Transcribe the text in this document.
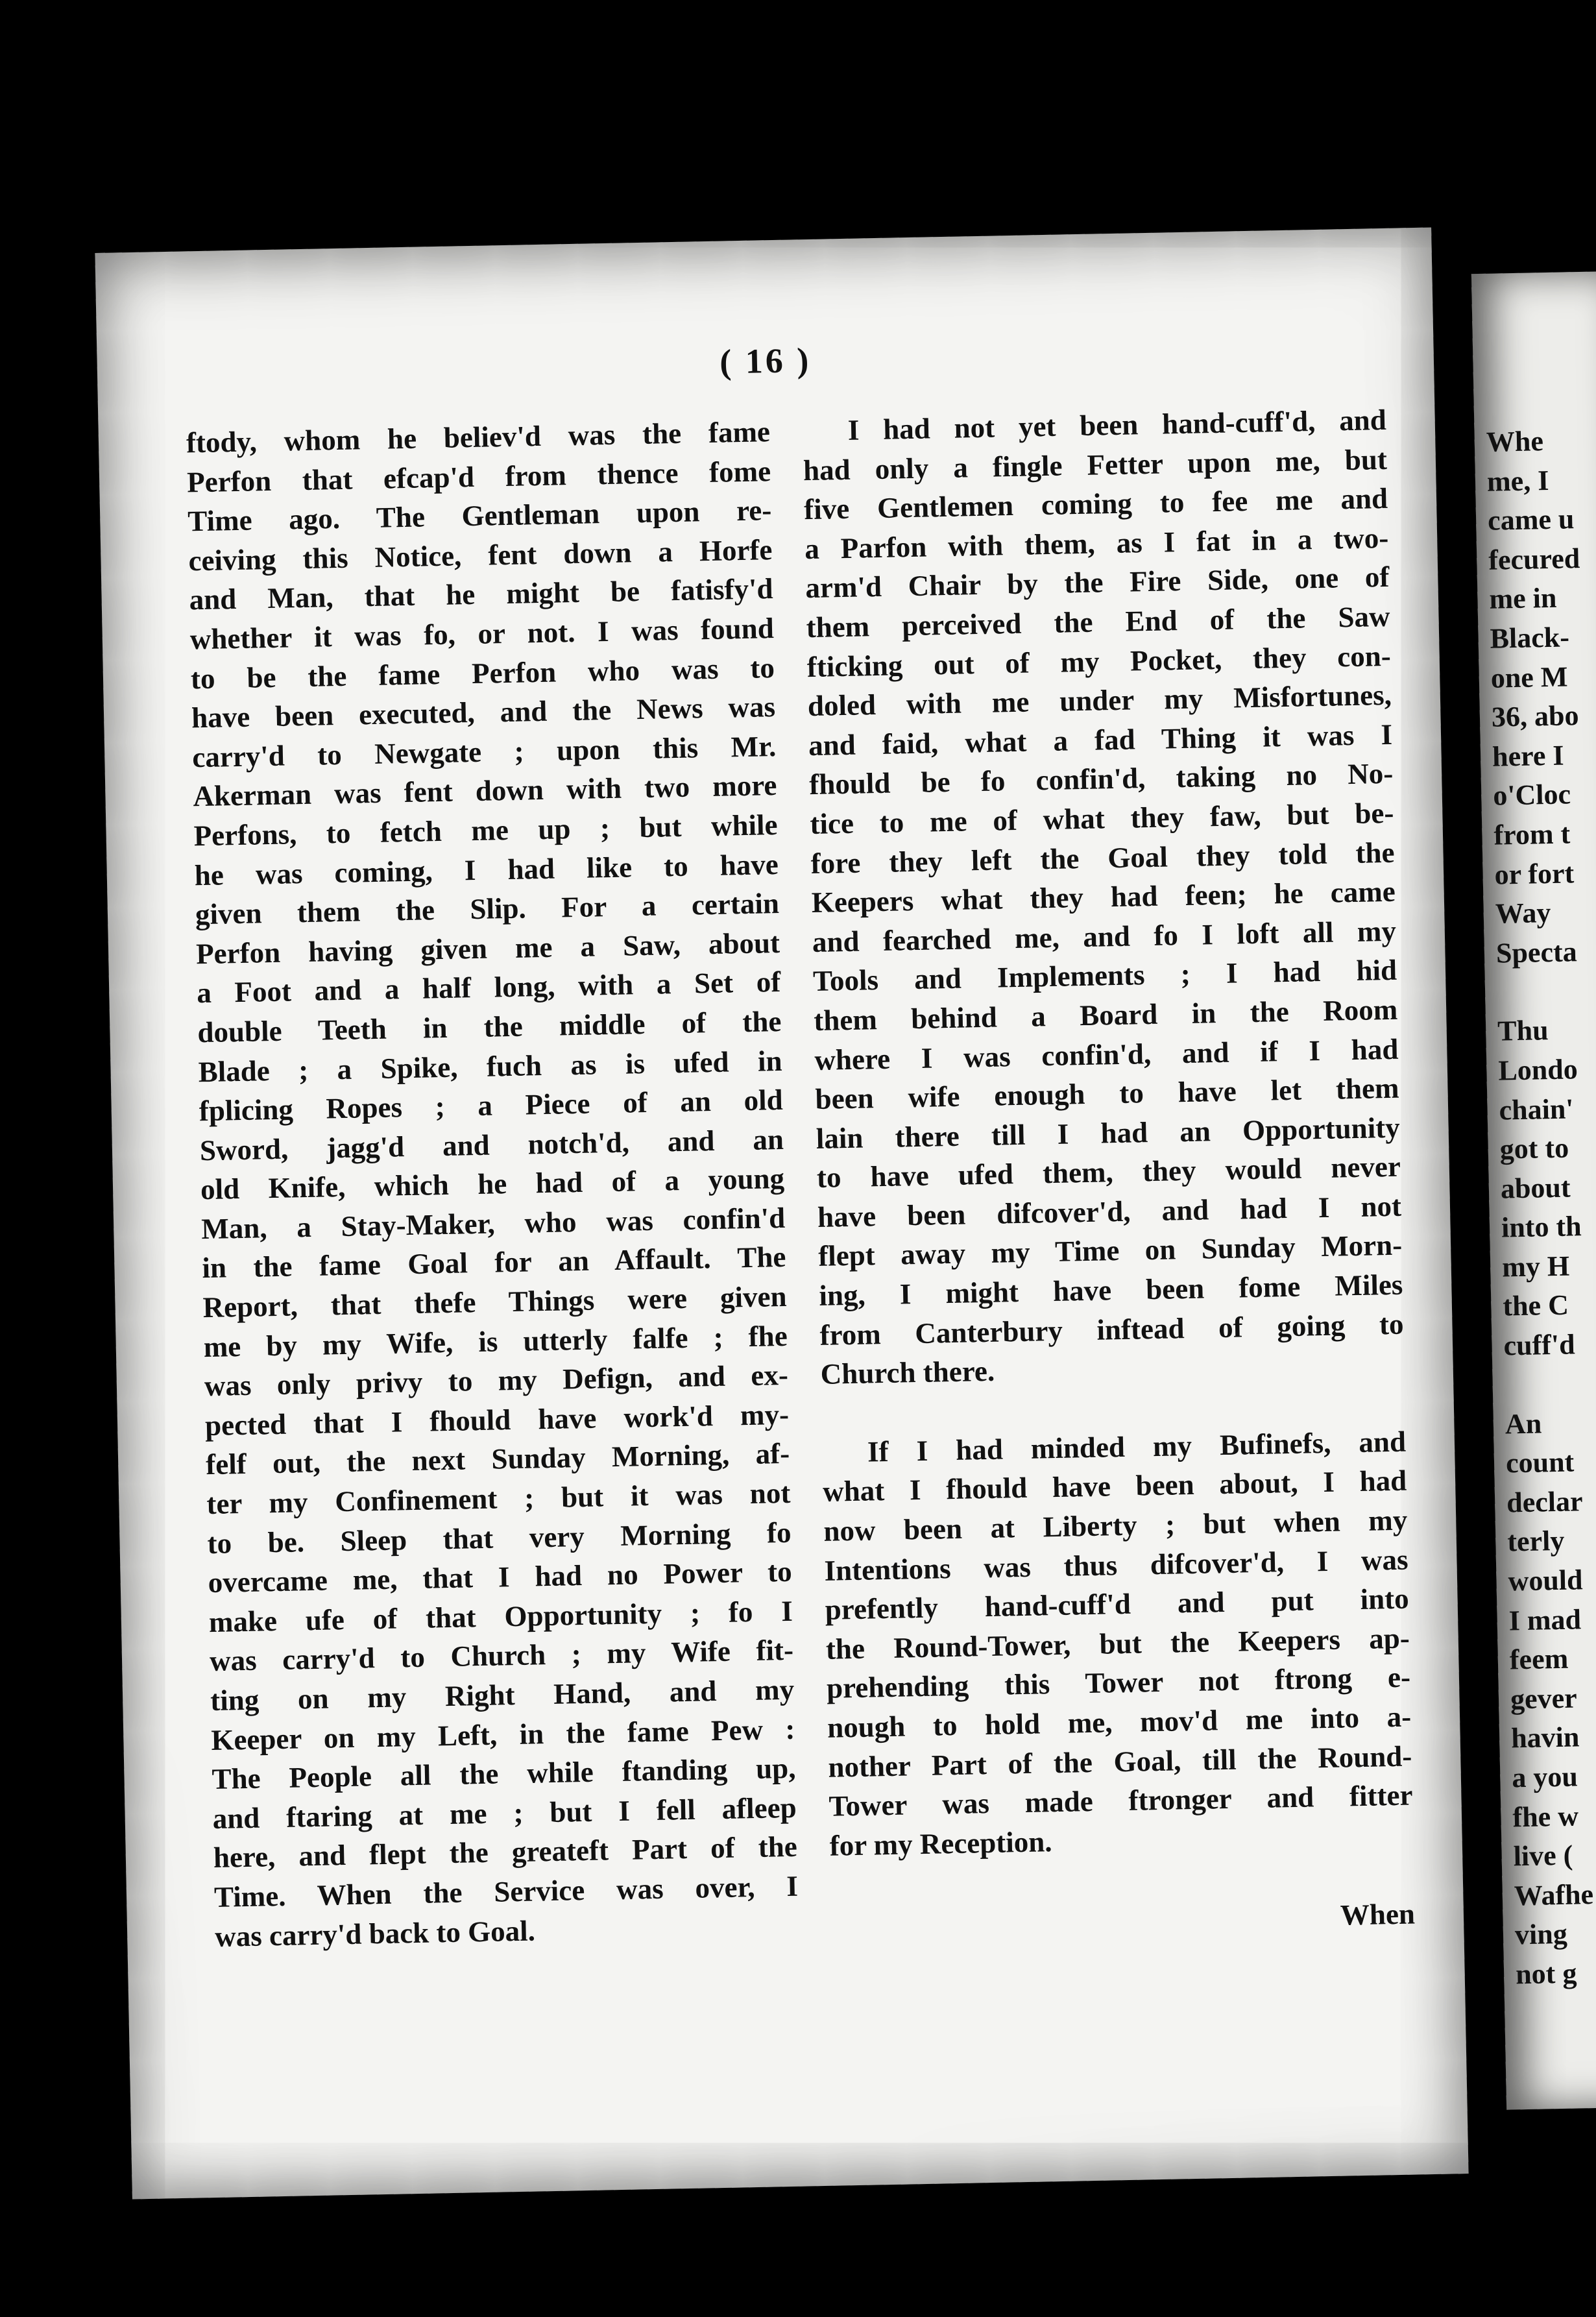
( 16 )
ftody, whom he believ'd was the fame
Perfon that efcap'd from thence fome
Time ago. The Gentleman upon re-
ceiving this Notice, fent down a Horfe
and Man, that he might be fatisfy'd
whether it was fo, or not. I was found
to be the fame Perfon who was to
have been executed, and the News was
carry'd to Newgate ; upon this Mr.
Akerman was fent down with two more
Perfons, to fetch me up ; but while
he was coming, I had like to have
given them the Slip. For a certain
Perfon having given me a Saw, about
a Foot and a half long, with a Set of
double Teeth in the middle of the
Blade ; a Spike, fuch as is ufed in
fplicing Ropes ; a Piece of an old
Sword, jagg'd and notch'd, and an
old Knife, which he had of a young
Man, a Stay-Maker, who was confin'd
in the fame Goal for an Affault. The
Report, that thefe Things were given
me by my Wife, is utterly falfe ; fhe
was only privy to my Defign, and ex-
pected that I fhould have work'd my-
felf out, the next Sunday Morning, af-
ter my Confinement ; but it was not
to be. Sleep that very Morning fo
overcame me, that I had no Power to
make ufe of that Opportunity ; fo I
was carry'd to Church ; my Wife fit-
ting on my Right Hand, and my
Keeper on my Left, in the fame Pew :
The People all the while ftanding up,
and ftaring at me ; but I fell afleep
here, and flept the greateft Part of the
Time. When the Service was over, I
was carry'd back to Goal.
I had not yet been hand-cuff'd, and
had only a fingle Fetter upon me, but
five Gentlemen coming to fee me and
a Parfon with them, as I fat in a two-
arm'd Chair by the Fire Side, one of
them perceived the End of the Saw
fticking out of my Pocket, they con-
doled with me under my Misfortunes,
and faid, what a fad Thing it was I
fhould be fo confin'd, taking no No-
tice to me of what they faw, but be-
fore they left the Goal they told the
Keepers what they had feen; he came
and fearched me, and fo I loft all my
Tools and Implements ; I had hid
them behind a Board in the Room
where I was confin'd, and if I had
been wife enough to have let them
lain there till I had an Opportunity
to have ufed them, they would never
have been difcover'd, and had I not
flept away my Time on Sunday Morn-
ing, I might have been fome Miles
from Canterbury inftead of going to
Church there.
If I had minded my Bufinefs, and
what I fhould have been about, I had
now been at Liberty ; but when my
Intentions was thus difcover'd, I was
prefently hand-cuff'd and put into
the Round-Tower, but the Keepers ap-
prehending this Tower not ftrong e-
nough to hold me, mov'd me into a-
nother Part of the Goal, till the Round-
Tower was made ftronger and fitter
for my Reception.
When
Whe
me, I
came u
fecured
me in
Black-
one M
36, abo
here I
o'Cloc
from t
or fort
Way
Specta
Thu
Londo
chain'
got to
about
into th
my H
the C
cuff'd
An
count
declar
terly
would
I mad
feem
gever
havin
a you
fhe w
live (
Wafhe
ving
not g
